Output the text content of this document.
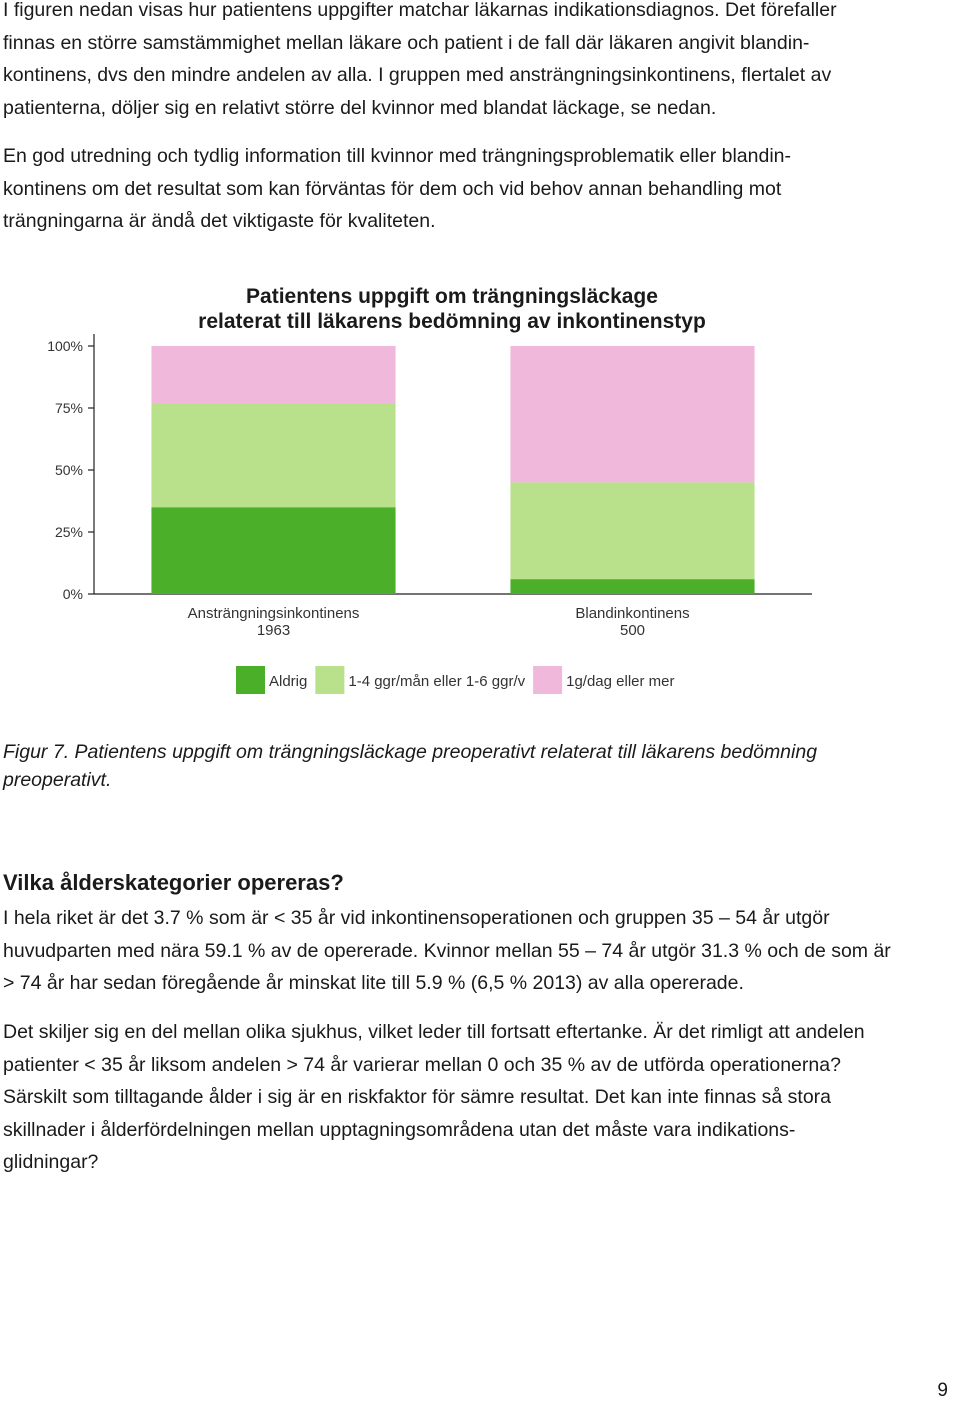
I figuren nedan visas hur patientens uppgifter matchar läkarnas indikationsdiagnos. Det förefaller
finnas en större samstämmighet mellan läkare och patient i de fall där läkaren angivit blandin-
kontinens, dvs den mindre andelen av alla. I gruppen med ansträngningsinkontinens, flertalet av
patienterna, döljer sig en relativt större del kvinnor med blandat läckage, se nedan.
En god utredning och tydlig information till kvinnor med trängningsproblematik eller blandin-
kontinens om det resultat som kan förväntas för dem och vid behov annan behandling mot
trängningarna är ändå det viktigaste för kvaliteten.
Patientens uppgift om trängningsläckage
relaterat till läkarens bedömning av inkontinenstyp
0%
25%
50%
75%
100%
Ansträngningsinkontinens
1963
Blandinkontinens
500
Aldrig	1-4 ggr/mån eller 1-6 ggr/v	1g/dag eller mer
Figur 7. Patientens uppgift om trängningsläckage preoperativt relaterat till läkarens bedömning
preoperativt.
Vilka ålderskategorier opereras?
I hela riket är det 3.7 % som är < 35 år vid inkontinensoperationen och gruppen 35 – 54 år utgör
huvudparten med nära 59.1 % av de opererade. Kvinnor mellan 55 – 74 år utgör 31.3 % och de som är
> 74 år har sedan föregående år minskat lite till 5.9 % (6,5 % 2013) av alla opererade.
Det skiljer sig en del mellan olika sjukhus, vilket leder till fortsatt eftertanke. Är det rimligt att andelen
patienter < 35 år liksom andelen > 74 år varierar mellan 0 och 35 % av de utförda operationerna?
Särskilt som tilltagande ålder i sig är en riskfaktor för sämre resultat. Det kan inte finnas så stora
skillnader i ålderfördelningen mellan upptagningsområdena utan det måste vara indikations-
glidningar?
9
